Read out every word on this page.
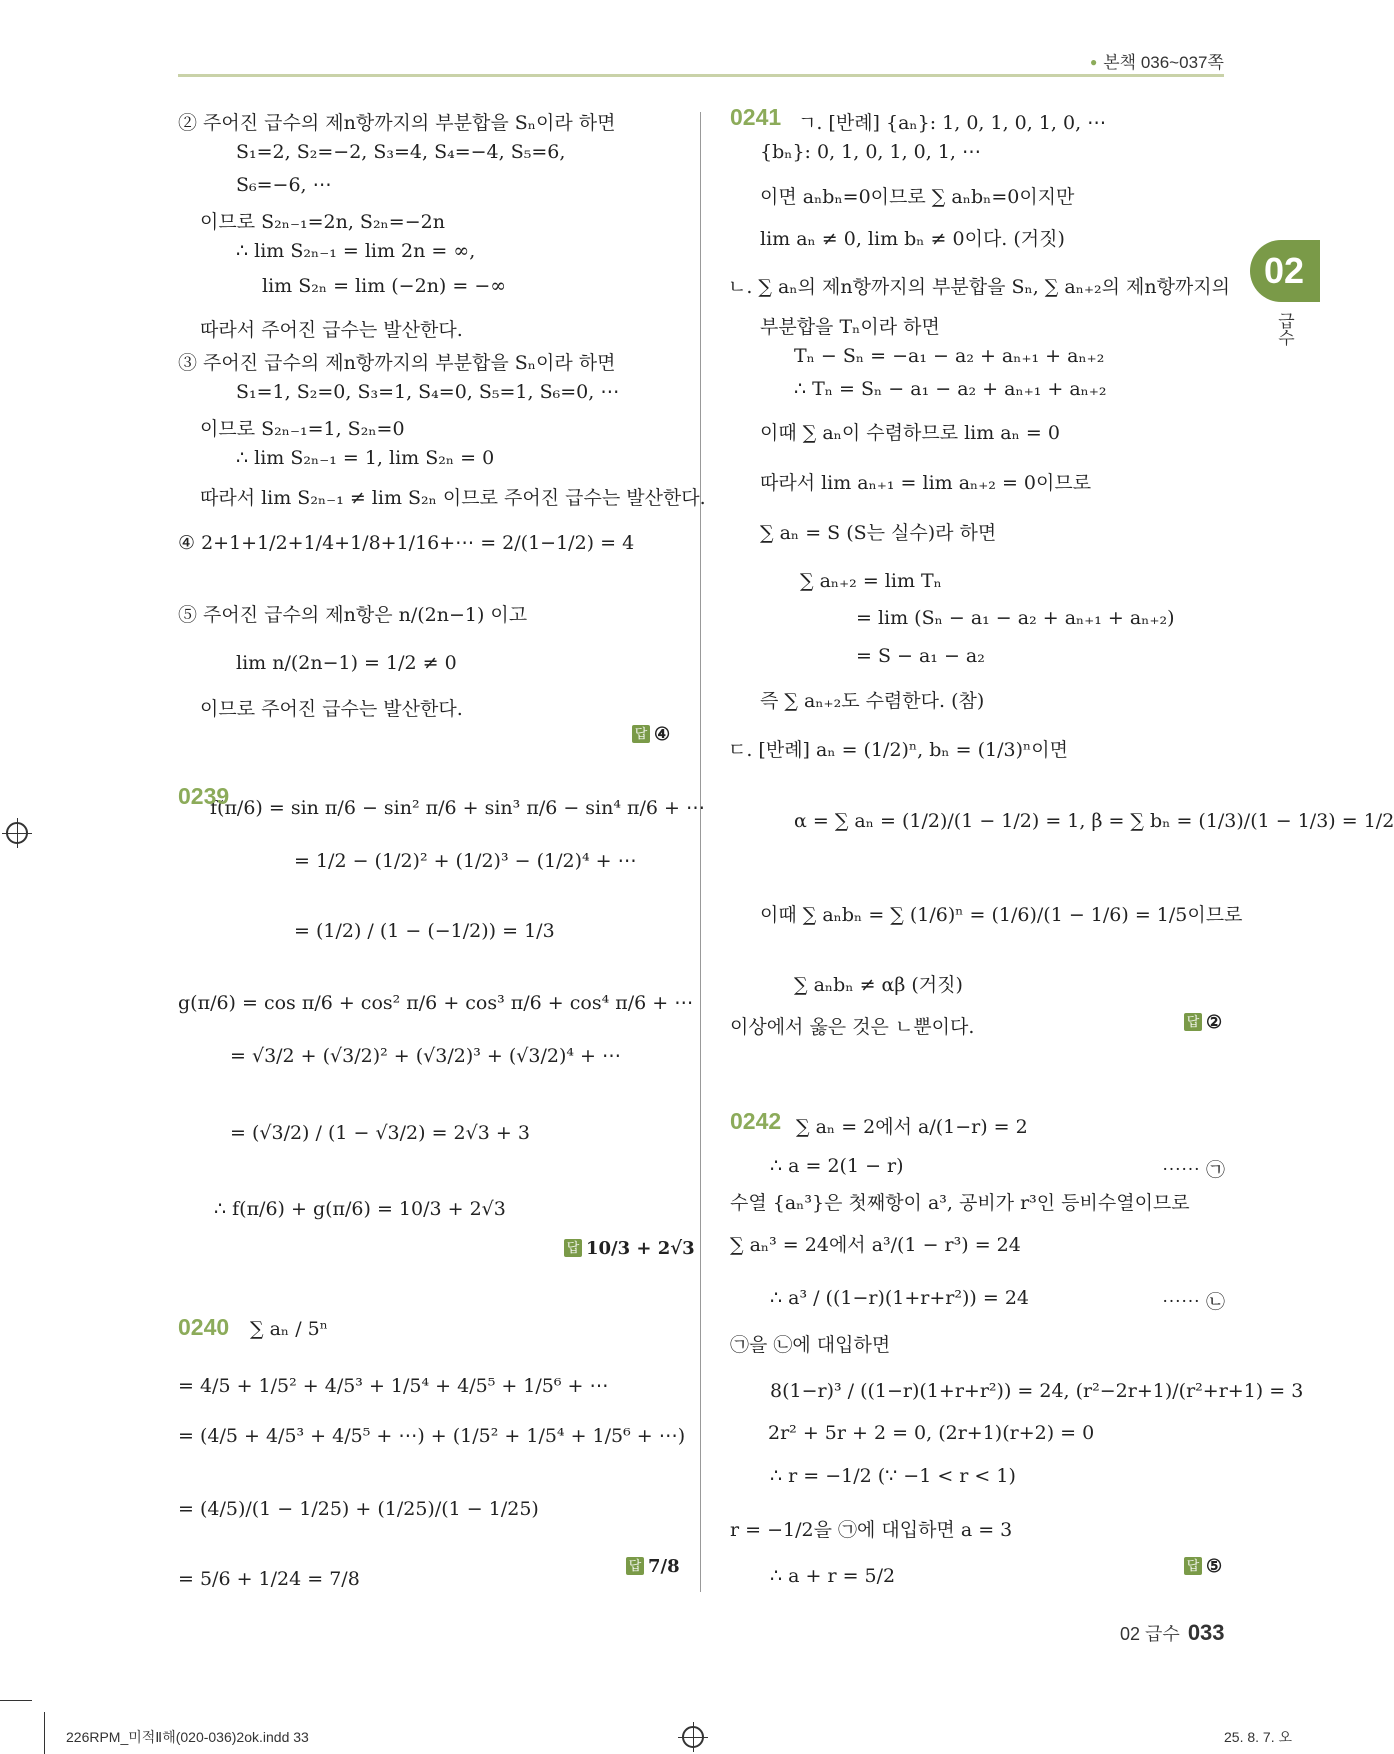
● 본책 036~037쪽
02
급수
② 주어진 급수의 제n항까지의 부분합을 Sₙ이라 하면
S₁=2, S₂=−2, S₃=4, S₄=−4, S₅=6,
S₆=−6, ⋯
이므로 S₂ₙ₋₁=2n, S₂ₙ=−2n
∴ lim S₂ₙ₋₁ = lim 2n = ∞,
lim S₂ₙ = lim (−2n) = −∞
따라서 주어진 급수는 발산한다.
③ 주어진 급수의 제n항까지의 부분합을 Sₙ이라 하면
S₁=1, S₂=0, S₃=1, S₄=0, S₅=1, S₆=0, ⋯
이므로 S₂ₙ₋₁=1, S₂ₙ=0
∴ lim S₂ₙ₋₁ = 1, lim S₂ₙ = 0
따라서 lim S₂ₙ₋₁ ≠ lim S₂ₙ 이므로 주어진 급수는 발산한다.
④ 2+1+1/2+1/4+1/8+1/16+⋯ = 2/(1−1/2) = 4
⑤ 주어진 급수의 제n항은 n/(2n−1) 이고
lim n/(2n−1) = 1/2 ≠ 0
이므로 주어진 급수는 발산한다.
f(π/6) = sin π/6 − sin² π/6 + sin³ π/6 − sin⁴ π/6 + ⋯
= 1/2 − (1/2)² + (1/2)³ − (1/2)⁴ + ⋯
= (1/2) / (1 − (−1/2)) = 1/3
g(π/6) = cos π/6 + cos² π/6 + cos³ π/6 + cos⁴ π/6 + ⋯
= √3/2 + (√3/2)² + (√3/2)³ + (√3/2)⁴ + ⋯
= (√3/2) / (1 − √3/2) = 2√3 + 3
∴ f(π/6) + g(π/6) = 10/3 + 2√3
∑ aₙ / 5ⁿ
= 4/5 + 1/5² + 4/5³ + 1/5⁴ + 4/5⁵ + 1/5⁶ + ⋯
= (4/5 + 4/5³ + 4/5⁵ + ⋯) + (1/5² + 1/5⁴ + 1/5⁶ + ⋯)
= (4/5)/(1 − 1/25) + (1/25)/(1 − 1/25)
= 5/6 + 1/24 = 7/8
ㄱ. [반례] {aₙ}: 1, 0, 1, 0, 1, 0, ⋯
{bₙ}: 0, 1, 0, 1, 0, 1, ⋯
이면 aₙbₙ=0이므로 ∑ aₙbₙ=0이지만
lim aₙ ≠ 0, lim bₙ ≠ 0이다. (거짓)
ㄴ. ∑ aₙ의 제n항까지의 부분합을 Sₙ, ∑ aₙ₊₂의 제n항까지의
부분합을 Tₙ이라 하면
Tₙ − Sₙ = −a₁ − a₂ + aₙ₊₁ + aₙ₊₂
∴ Tₙ = Sₙ − a₁ − a₂ + aₙ₊₁ + aₙ₊₂
이때 ∑ aₙ이 수렴하므로 lim aₙ = 0
따라서 lim aₙ₊₁ = lim aₙ₊₂ = 0이므로
∑ aₙ = S (S는 실수)라 하면
∑ aₙ₊₂ = lim Tₙ
= lim (Sₙ − a₁ − a₂ + aₙ₊₁ + aₙ₊₂)
= S − a₁ − a₂
즉 ∑ aₙ₊₂도 수렴한다. (참)
ㄷ. [반례] aₙ = (1/2)ⁿ, bₙ = (1/3)ⁿ이면
α = ∑ aₙ = (1/2)/(1 − 1/2) = 1, β = ∑ bₙ = (1/3)/(1 − 1/3) = 1/2
이때 ∑ aₙbₙ = ∑ (1/6)ⁿ = (1/6)/(1 − 1/6) = 1/5이므로
∑ aₙbₙ ≠ αβ (거짓)
이상에서 옳은 것은 ㄴ뿐이다.
∑ aₙ = 2에서 a/(1−r) = 2
∴ a = 2(1 − r)
수열 {aₙ³}은 첫째항이 a³, 공비가 r³인 등비수열이므로
∑ aₙ³ = 24에서 a³/(1 − r³) = 24
∴ a³ / ((1−r)(1+r+r²)) = 24
㉠을 ㉡에 대입하면
8(1−r)³ / ((1−r)(1+r+r²)) = 24, (r²−2r+1)/(r²+r+1) = 3
2r² + 5r + 2 = 0, (2r+1)(r+2) = 0
∴ r = −1/2 (∵ −1 < r < 1)
r = −1/2을 ㉠에 대입하면 a = 3
∴ a + r = 5/2
0239
0240
0241
0242
⋯⋯ ㉠
⋯⋯ ㉡
답 ④
답 10/3 + 2√3
답 7/8
답 ②
답 ⑤
02 급수 033
226RPM_미적Ⅱ해(020-036)2ok.indd 33	25. 8. 7. 오
